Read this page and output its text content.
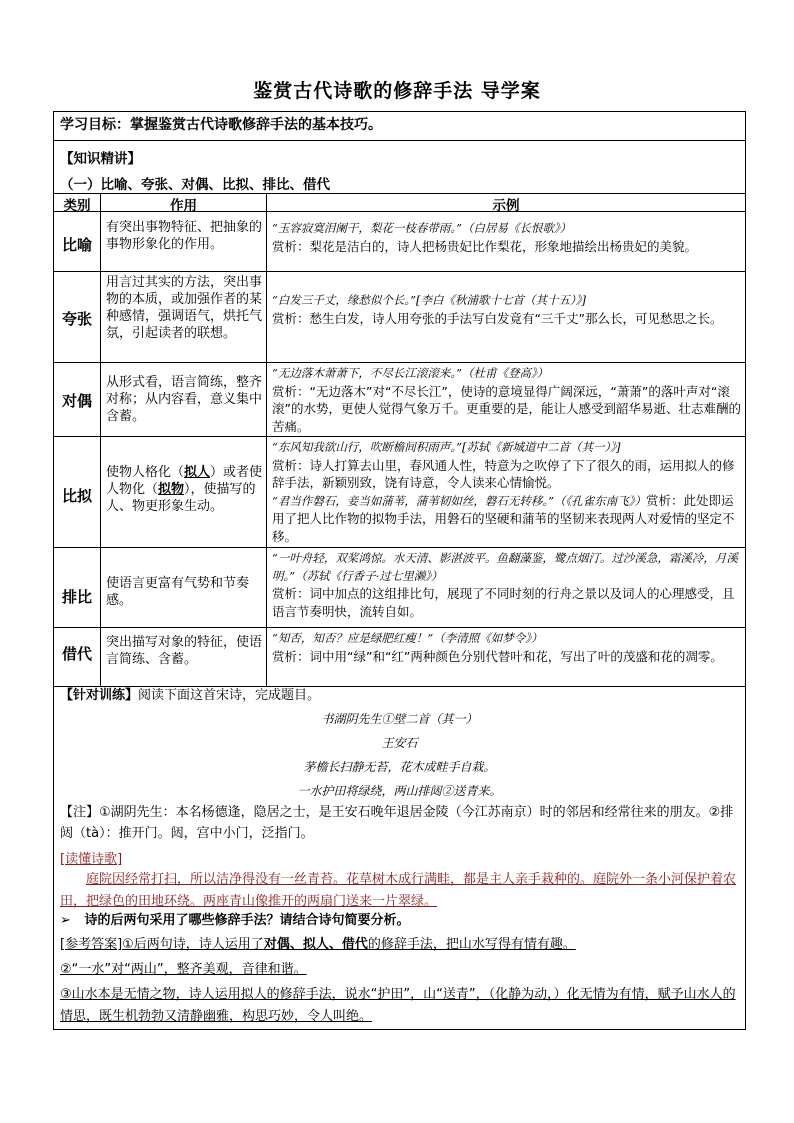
鉴赏古代诗歌的修辞手法 导学案
学习目标：掌握鉴赏古代诗歌修辞手法的基本技巧。
【知识精讲】
（一）比喻、夸张、对偶、比拟、排比、借代
类别	作用	示例
比喻
有突出事物特征、把抽象的事物形象化的作用。
“玉容寂寞泪阑干，梨花一枝春带雨。”（白居易《长恨歌》）
赏析：梨花是洁白的，诗人把杨贵妃比作梨花，形象地描绘出杨贵妃的美貌。
夸张
用言过其实的方法，突出事物的本质，或加强作者的某种感情，强调语气，烘托气氛，引起读者的联想。
“白发三千丈，缘愁似个长。”[李白《秋浦歌十七首（其十五）》]
赏析：愁生白发，诗人用夸张的手法写白发竟有“三千丈”那么长，可见愁思之长。
对偶
从形式看，语言简练，整齐对称；从内容看，意义集中含蓄。
“无边落木萧萧下，不尽长江滚滚来。”（杜甫《登高》）
赏析：“无边落木”对“不尽长江”，使诗的意境显得广阔深远，“萧萧”的落叶声对“滚滚”的水势，更使人觉得气象万千。更重要的是，能让人感受到韶华易逝、壮志难酬的苦痛。
比拟
使物人格化（拟人）或者使人物化（拟物），使描写的人、物更形象生动。
“东风知我欲山行，吹断檐间积雨声。”[苏轼《新城道中二首（其一）》]
赏析：诗人打算去山里，春风通人性，特意为之吹停了下了很久的雨，运用拟人的修辞手法，新颖别致，饶有诗意，令人读来心情愉悦。
“君当作磐石，妾当如蒲苇，蒲苇韧如丝，磐石无转移。”（《孔雀东南飞》）赏析：此处即运用了把人比作物的拟物手法，用磐石的坚硬和蒲苇的坚韧来表现两人对爱情的坚定不移。
排比
使语言更富有气势和节奏感。
“一叶舟轻，双桨鸿惊。水天清、影湛波平。鱼翻藻鉴，鹭点烟汀。过沙溪急，霜溪冷，月溪明。”（苏轼《行香子·过七里濑》）
赏析：词中加点的这组排比句，展现了不同时刻的行舟之景以及词人的心理感受，且语言节奏明快，流转自如。
借代
突出描写对象的特征，使语言简练、含蓄。
“知否，知否？应是绿肥红瘦！”（李清照《如梦令》）
赏析：词中用“绿”和“红”两种颜色分别代替叶和花，写出了叶的茂盛和花的凋零。
【针对训练】阅读下面这首宋诗，完成题目。
书湖阴先生①壁二首（其一）
王安石
茅檐长扫静无苔，花木成畦手自栽。
一水护田将绿绕，两山排闼②送青来。
【注】①湖阴先生：本名杨德逢，隐居之士，是王安石晚年退居金陵（今江苏南京）时的邻居和经常往来的朋友。②排闼（tà）：推开门。闼，宫中小门，泛指门。
[读懂诗歌]
庭院因经常打扫，所以洁净得没有一丝青苔。花草树木成行满畦，都是主人亲手栽种的。庭院外一条小河保护着农田，把绿色的田地环绕。两座青山像推开的两扇门送来一片翠绿。
➢ 诗的后两句采用了哪些修辞手法？请结合诗句简要分析。
[参考答案]①后两句诗，诗人运用了对偶、拟人、借代的修辞手法，把山水写得有情有趣。
②“一水”对“两山”，整齐美观，音律和谐。
③山水本是无情之物，诗人运用拟人的修辞手法，说水“护田”，山“送青”，（化静为动，）化无情为有情，赋予山水人的情思，既生机勃勃又清静幽雅，构思巧妙，令人叫绝。
